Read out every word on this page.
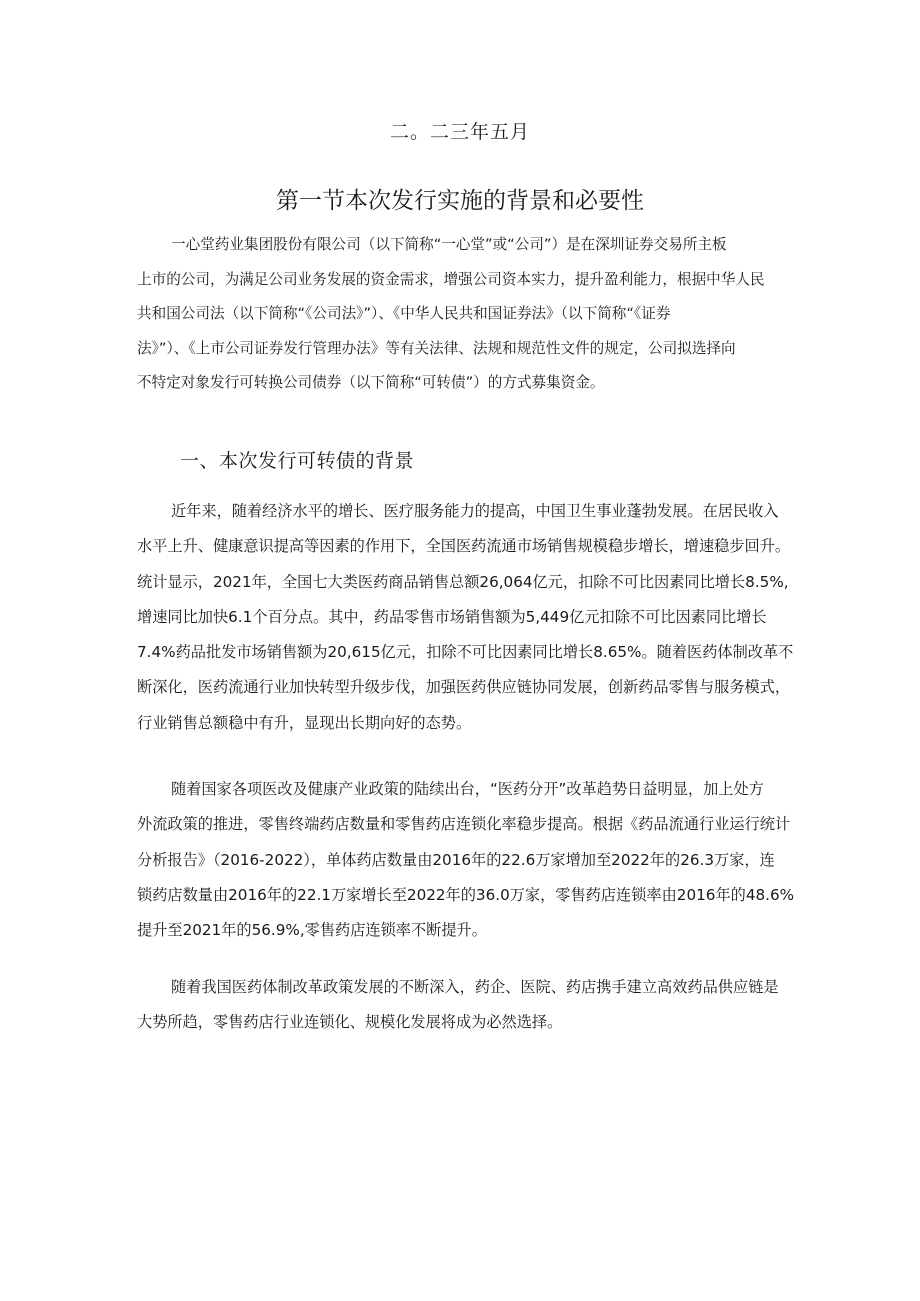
二。二三年五月
第一节本次发行实施的背景和必要性
一心堂药业集团股份有限公司（以下简称“一心堂”或“公司”）是在深圳证券交易所主板
上市的公司，为满足公司业务发展的资金需求，增强公司资本实力，提升盈利能力，根据中华人民
共和国公司法（以下简称“《公司法》”）、《中华人民共和国证券法》（以下简称“《证券
法》”）、《上市公司证券发行管理办法》等有关法律、法规和规范性文件的规定，公司拟选择向
不特定对象发行可转换公司债券（以下简称“可转债”）的方式募集资金。
一、本次发行可转债的背景
近年来，随着经济水平的增长、医疗服务能力的提高，中国卫生事业蓬勃发展。在居民收入
水平上升、健康意识提高等因素的作用下，全国医药流通市场销售规模稳步增长，增速稳步回升。
统计显示，2021年，全国七大类医药商品销售总额26,064亿元，扣除不可比因素同比增长8.5%,
增速同比加快6.1个百分点。其中，药品零售市场销售额为5,449亿元扣除不可比因素同比增长
7.4%药品批发市场销售额为20,615亿元，扣除不可比因素同比增长8.65%。随着医药体制改革不
断深化，医药流通行业加快转型升级步伐，加强医药供应链协同发展，创新药品零售与服务模式，
行业销售总额稳中有升，显现出长期向好的态势。
随着国家各项医改及健康产业政策的陆续出台，“医药分开”改革趋势日益明显，加上处方
外流政策的推进，零售终端药店数量和零售药店连锁化率稳步提高。根据《药品流通行业运行统计
分析报告》（2016-2022），单体药店数量由2016年的22.6万家增加至2022年的26.3万家，连
锁药店数量由2016年的22.1万家增长至2022年的36.0万家，零售药店连锁率由2016年的48.6%
提升至2021年的56.9%,零售药店连锁率不断提升。
随着我国医药体制改革政策发展的不断深入，药企、医院、药店携手建立高效药品供应链是
大势所趋，零售药店行业连锁化、规模化发展将成为必然选择。
